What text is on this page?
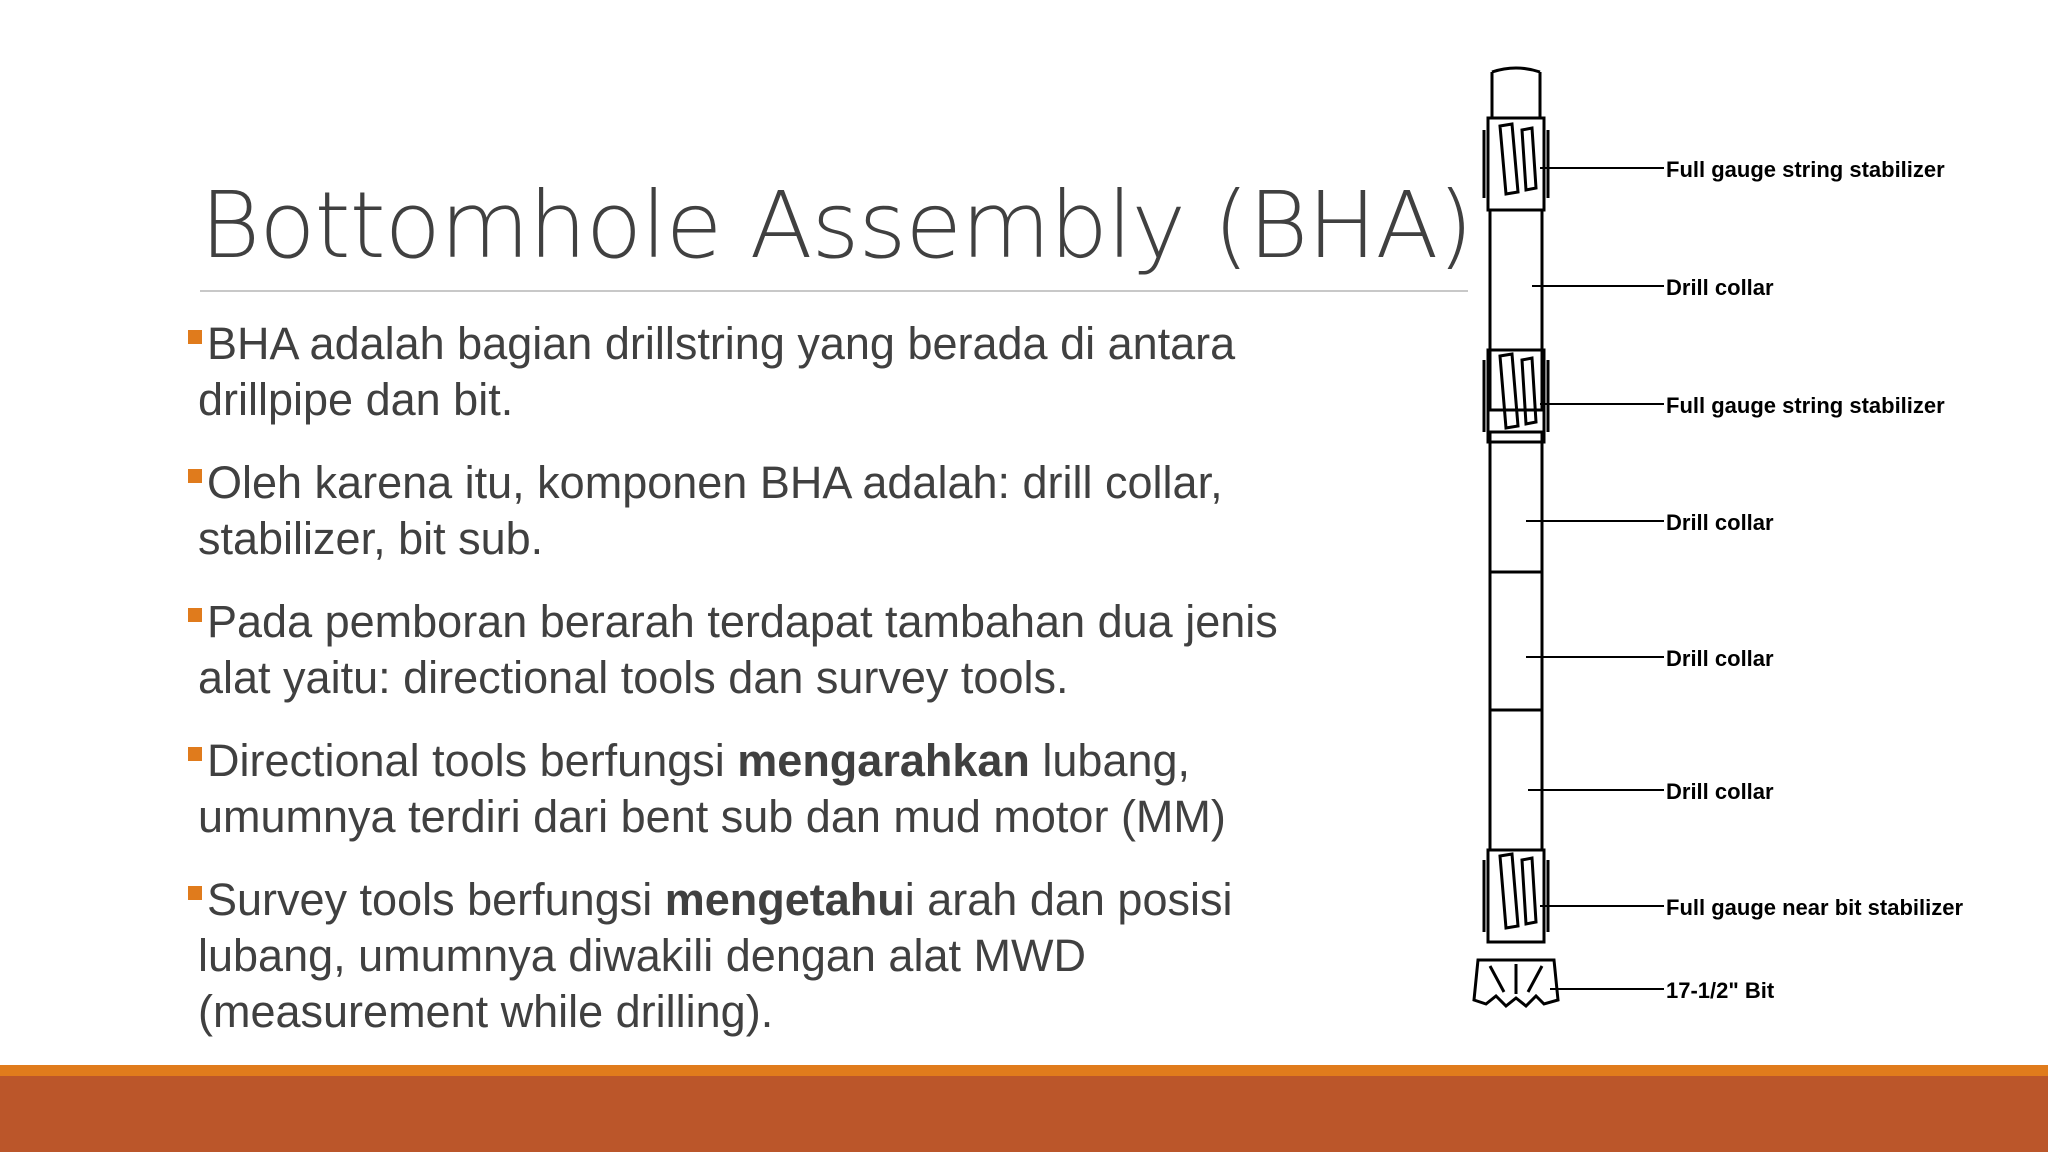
Bottomhole Assembly (BHA)
BHA adalah bagian drillstring yang berada di antara
drillpipe dan bit.
Oleh karena itu, komponen BHA adalah: drill collar,
stabilizer, bit sub.
Pada pemboran berarah terdapat tambahan dua jenis
alat yaitu: directional tools dan survey tools.
Directional tools berfungsi mengarahkan lubang,
umumnya terdiri dari bent sub dan mud motor (MM)
Survey tools berfungsi mengetahui arah dan posisi
lubang, umumnya diwakili dengan alat MWD
(measurement while drilling).
Full gauge string stabilizer
Drill collar
Full gauge string stabilizer
Drill collar
Drill collar
Drill collar
Full gauge near bit stabilizer
17-1/2" Bit
